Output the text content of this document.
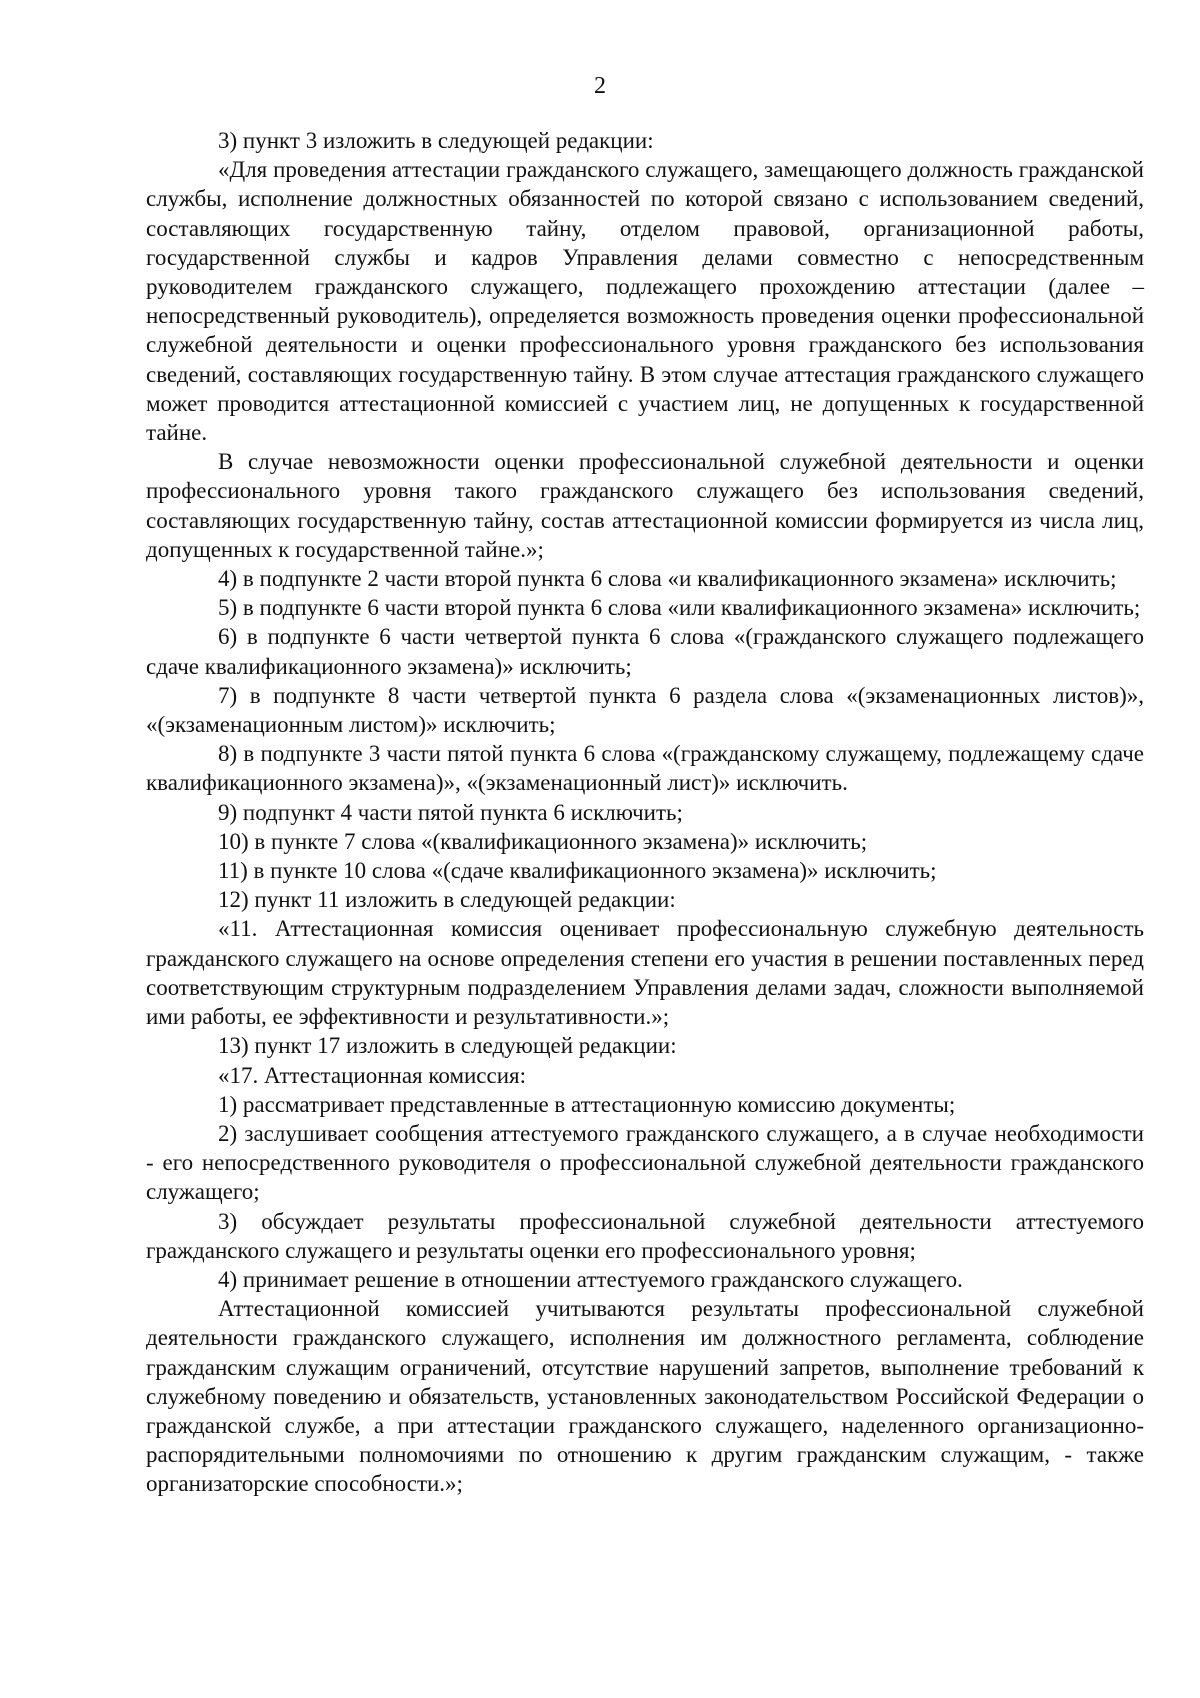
2

3) пункт 3 изложить в следующей редакции:

«Для проведения аттестации гражданского служащего, замещающего должность гражданской службы, исполнение должностных обязанностей по которой связано с использованием сведений, составляющих государственную тайну, отделом правовой, организационной работы, государственной службы и кадров Управления делами совместно с непосредственным руководителем гражданского служащего, подлежащего прохождению аттестации (далее – непосредственный руководитель), определяется возможность проведения оценки профессиональной служебной деятельности и оценки профессионального уровня гражданского без использования сведений, составляющих государственную тайну. В этом случае аттестация гражданского служащего может проводится аттестационной комиссией с участием лиц, не допущенных к государственной тайне.

В случае невозможности оценки профессиональной служебной деятельности и оценки профессионального уровня такого гражданского служащего без использования сведений, составляющих государственную тайну, состав аттестационной комиссии формируется из числа лиц, допущенных к государственной тайне.»;

4) в подпункте 2 части второй пункта 6 слова «и квалификационного экзамена» исключить;

5) в подпункте 6 части второй пункта 6 слова «или квалификационного экзамена» исключить;

6) в подпункте 6 части четвертой пункта 6 слова «(гражданского служащего подлежащего сдаче квалификационного экзамена)» исключить;

7) в подпункте 8 части четвертой пункта 6 раздела слова «(экзаменационных листов)», «(экзаменационным листом)» исключить;

8) в подпункте 3 части пятой пункта 6 слова «(гражданскому служащему, подлежащему сдаче квалификационного экзамена)», «(экзаменационный лист)» исключить.

9) подпункт 4 части пятой пункта 6 исключить;

10) в пункте 7 слова «(квалификационного экзамена)» исключить;

11) в пункте 10 слова «(сдаче квалификационного экзамена)» исключить;

12) пункт 11 изложить в следующей редакции:

«11. Аттестационная комиссия оценивает профессиональную служебную деятельность гражданского служащего на основе определения степени его участия в решении поставленных перед соответствующим структурным подразделением Управления делами задач, сложности выполняемой ими работы, ее эффективности и результативности.»;

13) пункт 17 изложить в следующей редакции:

«17. Аттестационная комиссия:

1) рассматривает представленные в аттестационную комиссию документы;

2) заслушивает сообщения аттестуемого гражданского служащего, а в случае необходимости - его непосредственного руководителя о профессиональной служебной деятельности гражданского служащего;

3) обсуждает результаты профессиональной служебной деятельности аттестуемого гражданского служащего и результаты оценки его профессионального уровня;

4) принимает решение в отношении аттестуемого гражданского служащего.

Аттестационной комиссией учитываются результаты профессиональной служебной деятельности гражданского служащего, исполнения им должностного регламента, соблюдение гражданским служащим ограничений, отсутствие нарушений запретов, выполнение требований к служебному поведению и обязательств, установленных законодательством Российской Федерации о гражданской службе, а при аттестации гражданского служащего, наделенного организационно-распорядительными полномочиями по отношению к другим гражданским служащим, - также организаторские способности.»;
